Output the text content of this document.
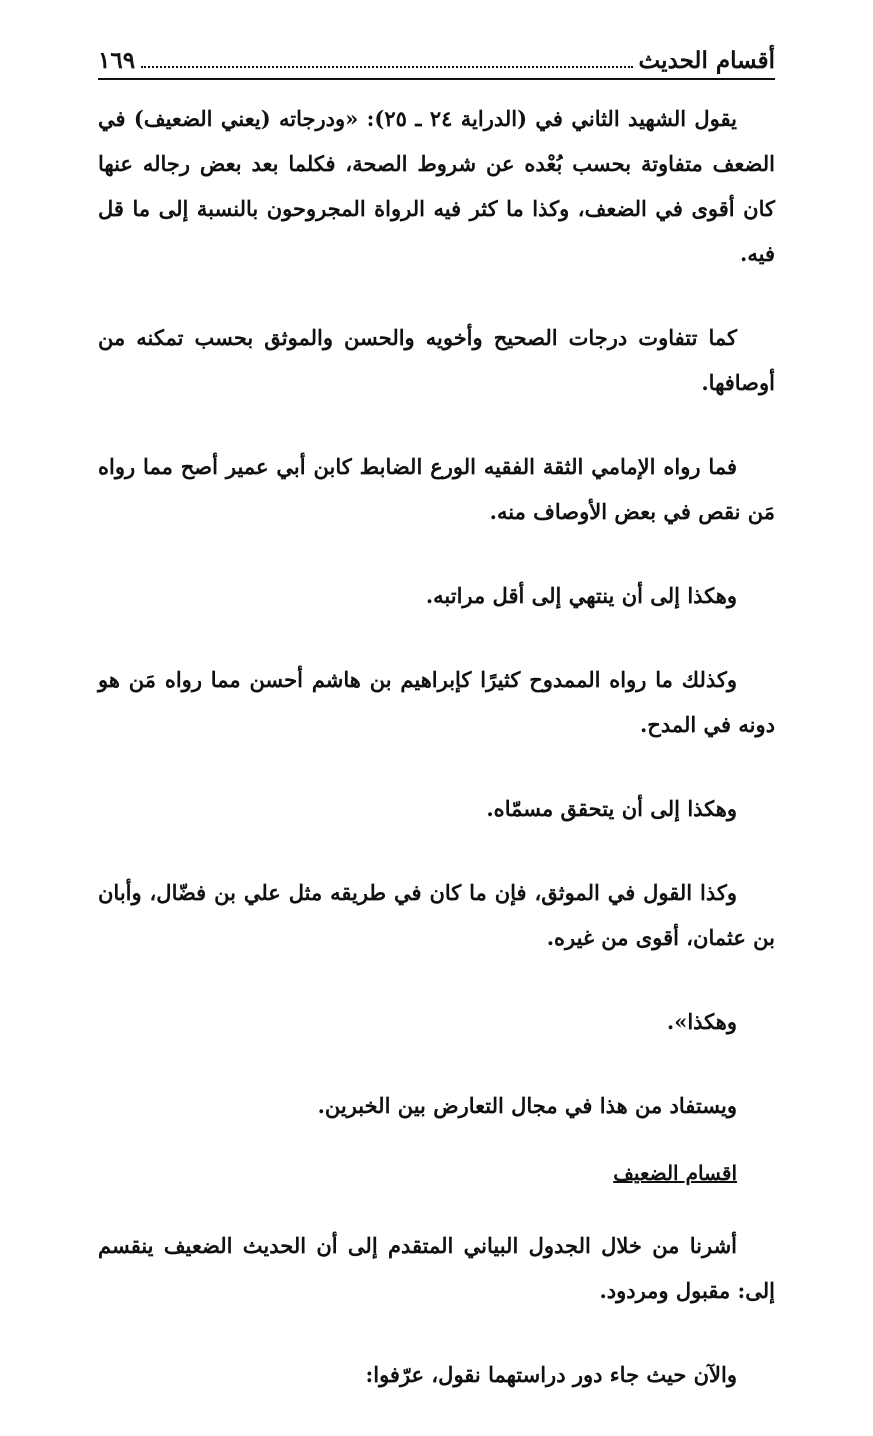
أقسام الحديث
١٦٩

يقول الشهيد الثاني في (الدراية ٢٤ ـ ٢٥): «ودرجاته (يعني الضعيف) في الضعف متفاوتة بحسب بُعْده عن شروط الصحة، فكلما بعد بعض رجاله عنها كان أقوى في الضعف، وكذا ما كثر فيه الرواة المجروحون بالنسبة إلى ما قل فيه.

كما تتفاوت درجات الصحيح وأخويه والحسن والموثق بحسب تمكنه من أوصافها.

فما رواه الإمامي الثقة الفقيه الورع الضابط كابن أبي عمير أصح مما رواه مَن نقص في بعض الأوصاف منه.

وهكذا إلى أن ينتهي إلى أقل مراتبه.

وكذلك ما رواه الممدوح كثيرًا كإبراهيم بن هاشم أحسن مما رواه مَن هو دونه في المدح.

وهكذا إلى أن يتحقق مسمّاه.

وكذا القول في الموثق، فإن ما كان في طريقه مثل علي بن فضّال، وأبان بن عثمان، أقوى من غيره.

وهكذا».

ويستفاد من هذا في مجال التعارض بين الخبرين.

اقسام الضعيف

أشرنا من خلال الجدول البياني المتقدم إلى أن الحديث الضعيف ينقسم إلى: مقبول ومردود.

والآن حيث جاء دور دراستهما نقول، عرّفوا:
